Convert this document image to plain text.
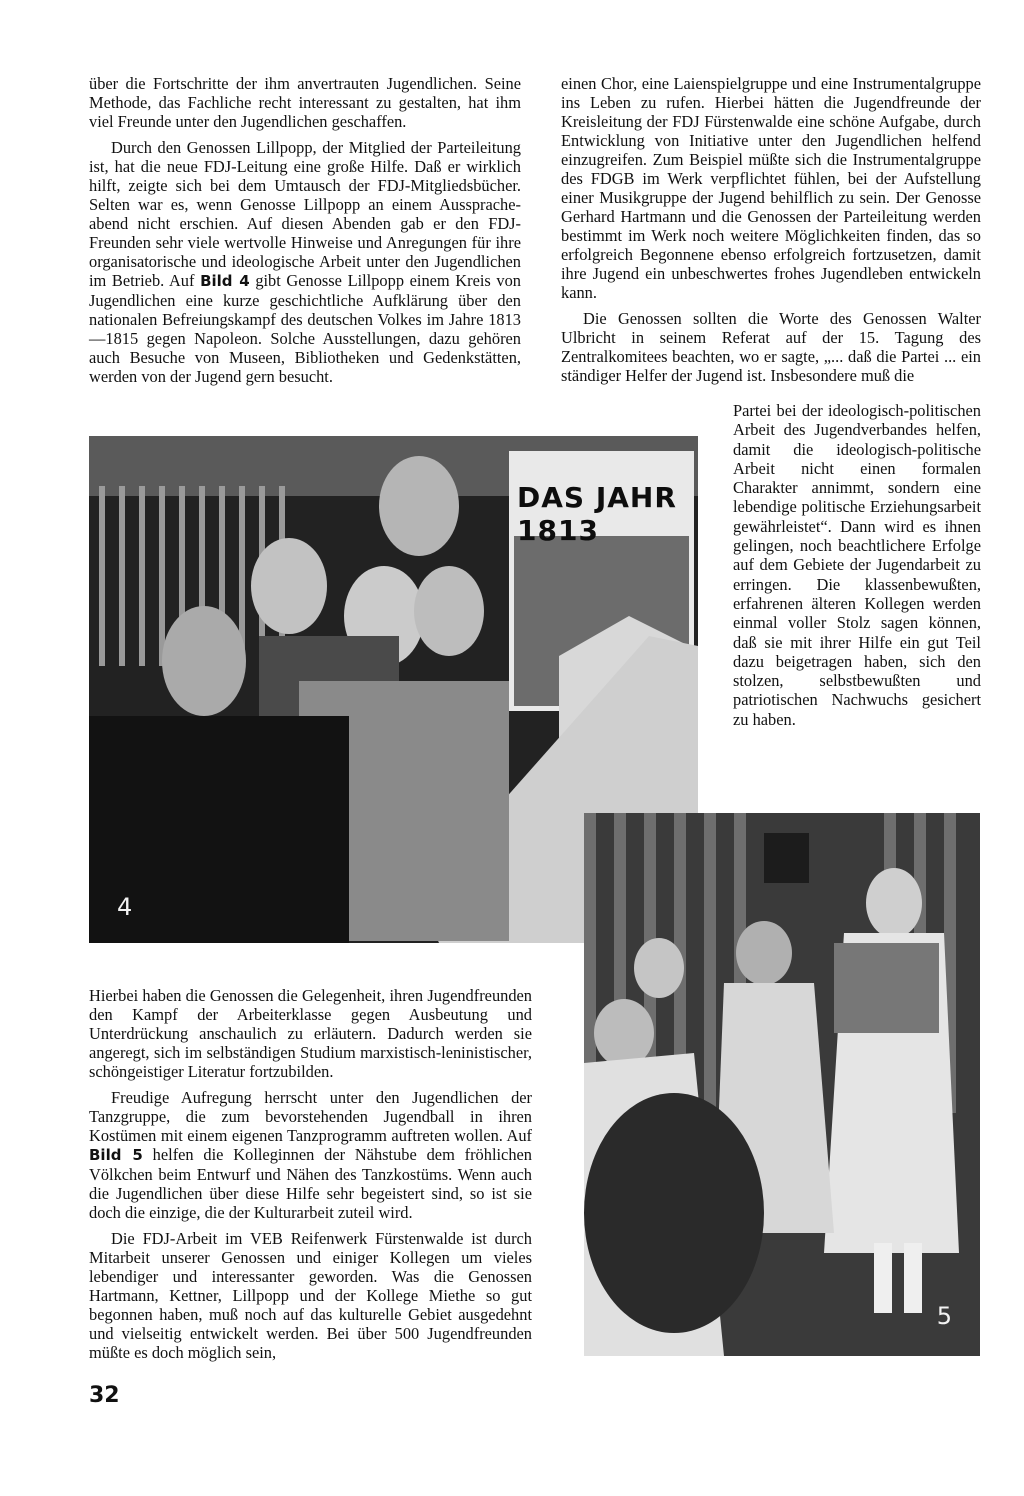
über die Fortschritte der ihm anvertrauten Jugendlichen. Seine Methode, das Fachliche recht interessant zu gestalten, hat ihm viel Freunde unter den Jugendlichen geschaffen.

Durch den Genossen Lillpopp, der Mitglied der Parteileitung ist, hat die neue FDJ-Leitung eine große Hilfe. Daß er wirklich hilft, zeigte sich bei dem Umtausch der FDJ-Mitgliedsbücher. Selten war es, wenn Genosse Lillpopp an einem Ausspracheabend nicht erschien. Auf diesen Abenden gab er den FDJ-Freunden sehr viele wertvolle Hinweise und Anregungen für ihre organisatorische und ideologische Arbeit unter den Jugendlichen im Betrieb. Auf Bild 4 gibt Genosse Lillpopp einem Kreis von Jugendlichen eine kurze geschichtliche Aufklärung über den nationalen Befreiungskampf des deutschen Volkes im Jahre 1813—1815 gegen Napoleon. Solche Ausstellungen, dazu gehören auch Besuche von Museen, Bibliotheken und Gedenkstätten, werden von der Jugend gern besucht.

einen Chor, eine Laienspielgruppe und eine Instrumentalgruppe ins Leben zu rufen. Hierbei hätten die Jugendfreunde der Kreisleitung der FDJ Fürstenwalde eine schöne Aufgabe, durch Entwicklung von Initiative unter den Jugendlichen helfend einzugreifen. Zum Beispiel müßte sich die Instrumentalgruppe des FDGB im Werk verpflichtet fühlen, bei der Aufstellung einer Musikgruppe der Jugend behilflich zu sein. Der Genosse Gerhard Hartmann und die Genossen der Parteileitung werden bestimmt im Werk noch weitere Möglichkeiten finden, das so erfolgreich Begonnene ebenso erfolgreich fortzusetzen, damit ihre Jugend ein unbeschwertes frohes Jugendleben entwickeln kann.

Die Genossen sollten die Worte des Genossen Walter Ulbricht in seinem Referat auf der 15. Tagung des Zentralkomitees beachten, wo er sagte, „... daß die Partei ... ein ständiger Helfer der Jugend ist. Insbesondere muß die

Partei bei der ideologisch-politischen Arbeit des Jugendverbandes helfen, damit die ideologisch-politische Arbeit nicht einen formalen Charakter annimmt, sondern eine lebendige politische Erziehungsarbeit gewährleistet“. Dann wird es ihnen gelingen, noch beachtlichere Erfolge auf dem Gebiete der Jugendarbeit zu erringen. Die klassenbewußten, erfahrenen älteren Kollegen werden einmal voller Stolz sagen können, daß sie mit ihrer Hilfe ein gut Teil dazu beigetragen haben, sich den stolzen, selbstbewußten und patriotischen Nachwuchs gesichert zu haben.

DAS JAHR 1813
4
5

Hierbei haben die Genossen die Gelegenheit, ihren Jugendfreunden den Kampf der Arbeiterklasse gegen Ausbeutung und Unterdrückung anschaulich zu erläutern. Dadurch werden sie angeregt, sich im selbständigen Studium marxistisch-leninistischer, schöngeistiger Literatur fortzubilden.

Freudige Aufregung herrscht unter den Jugendlichen der Tanzgruppe, die zum bevorstehenden Jugendball in ihren Kostümen mit einem eigenen Tanzprogramm auftreten wollen. Auf Bild 5 helfen die Kolleginnen der Nähstube dem fröhlichen Völkchen beim Entwurf und Nähen des Tanzkostüms. Wenn auch die Jugendlichen über diese Hilfe sehr begeistert sind, so ist sie doch die einzige, die der Kulturarbeit zuteil wird.

Die FDJ-Arbeit im VEB Reifenwerk Fürstenwalde ist durch Mitarbeit unserer Genossen und einiger Kollegen um vieles lebendiger und interessanter geworden. Was die Genossen Hartmann, Kettner, Lillpopp und der Kollege Miethe so gut begonnen haben, muß noch auf das kulturelle Gebiet ausgedehnt und vielseitig entwickelt werden. Bei über 500 Jugendfreunden müßte es doch möglich sein,

32
